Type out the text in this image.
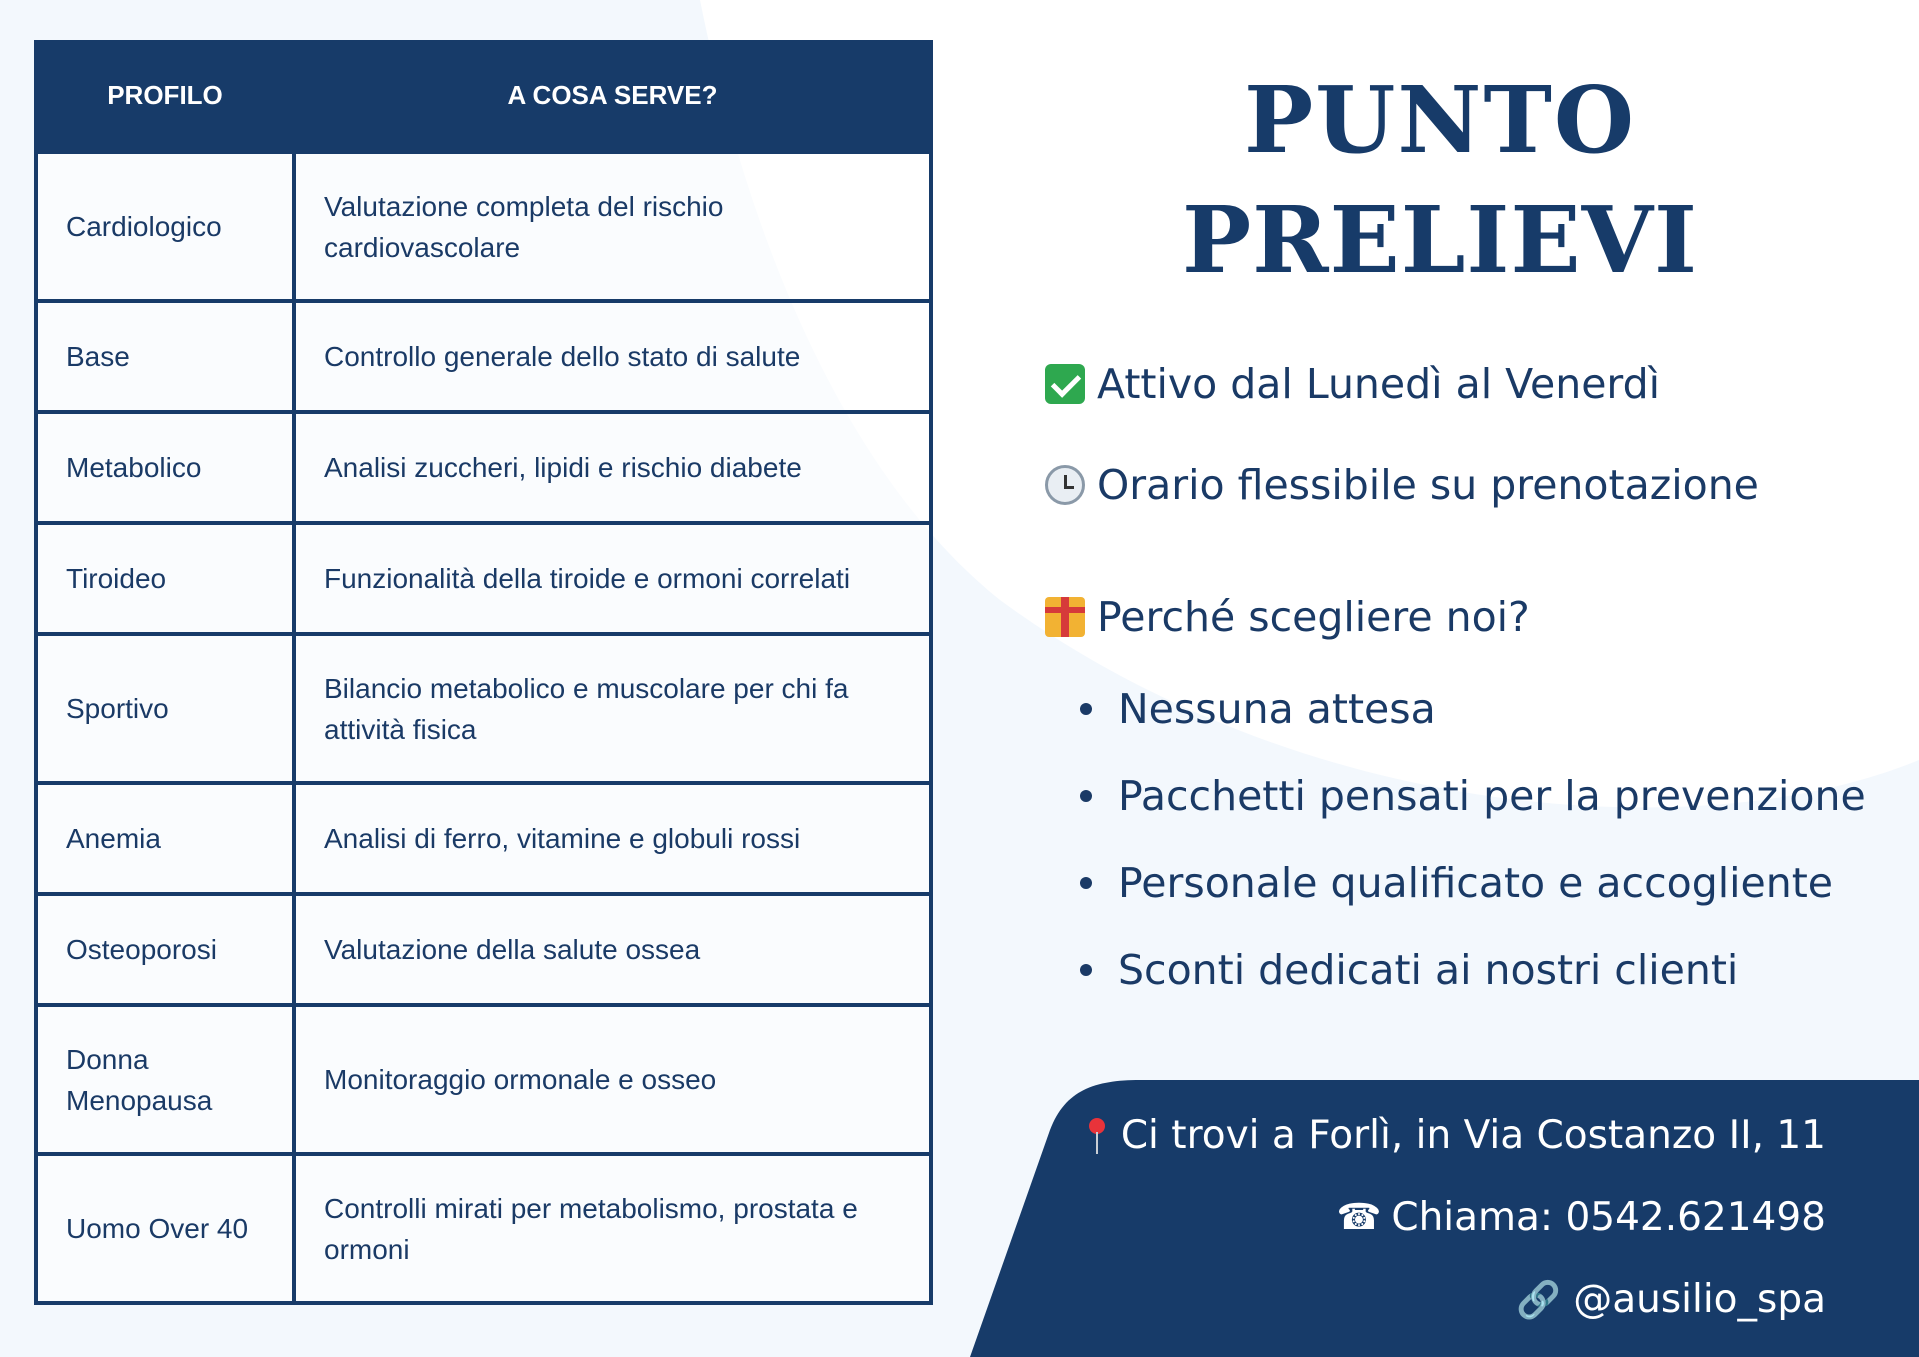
PROFILO	A COSA SERVE?
Cardiologico	Valutazione completa del rischio cardiovascolare
Base	Controllo generale dello stato di salute
Metabolico	Analisi zuccheri, lipidi e rischio diabete
Tiroideo	Funzionalità della tiroide e ormoni correlati
Sportivo	Bilancio metabolico e muscolare per chi fa attività fisica
Anemia	Analisi di ferro, vitamine e globuli rossi
Osteoporosi	Valutazione della salute ossea
Donna Menopausa	Monitoraggio ormonale e osseo
Uomo Over 40	Controlli mirati per metabolismo, prostata e ormoni
PUNTO
PRELIEVI
Attivo dal Lunedì al Venerdì
Orario flessibile su prenotazione
Perché scegliere noi?
Nessuna attesa
Pacchetti pensati per la prevenzione
Personale qualificato e accogliente
Sconti dedicati ai nostri clienti
Ci trovi a Forlì, in Via Costanzo II, 11
☎ Chiama: 0542.621498
🔗 @ausilio_spa
